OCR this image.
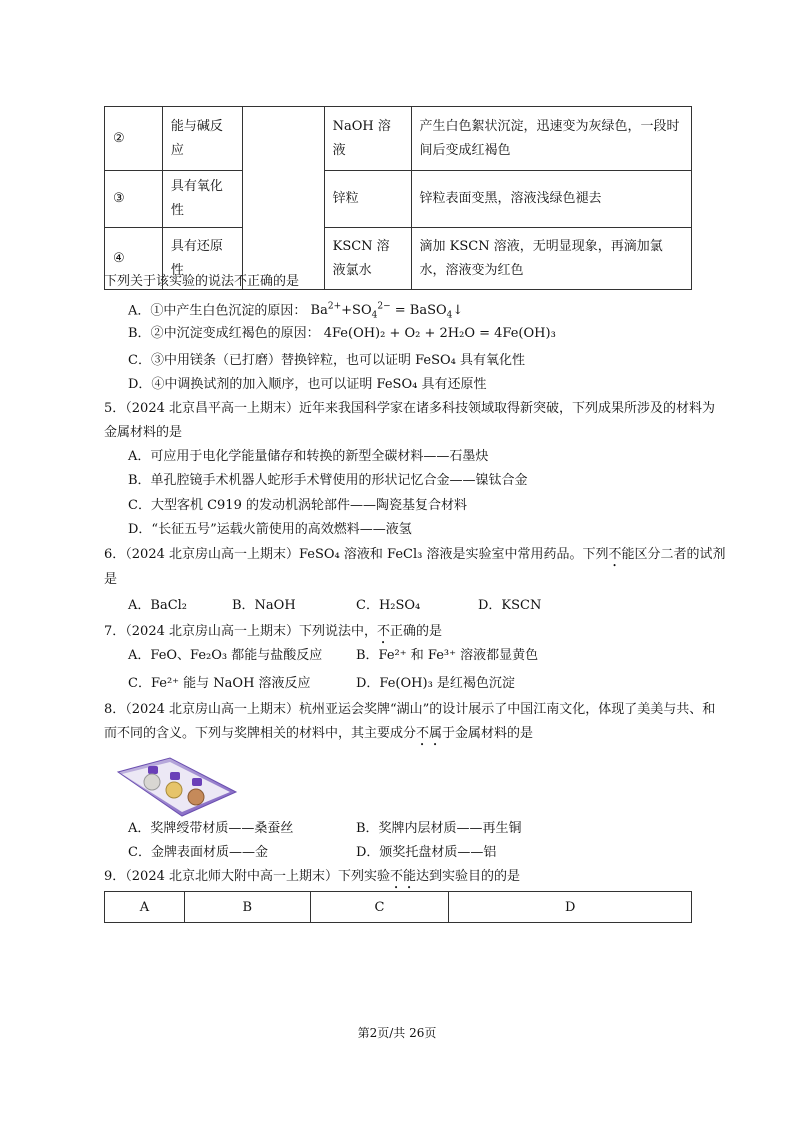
②	能与碱反应		NaOH 溶液	产生白色絮状沉淀，迅速变为灰绿色，一段时间后变成红褐色
③	具有氧化性		锌粒	锌粒表面变黑，溶液浅绿色褪去
④	具有还原性		KSCN 溶液氯水	滴加 KSCN 溶液，无明显现象，再滴加氯水，溶液变为红色
下列关于该实验的说法不正确的是
A．①中产生白色沉淀的原因： $Ba^{2+}+SO_4^{2-}$ = BaSO$_4$↓
B．②中沉淀变成红褐色的原因： 4Fe(OH)₂ + O₂ + 2H₂O = 4Fe(OH)₃
C．③中用镁条（已打磨）替换锌粒，也可以证明 FeSO₄ 具有氧化性
D．④中调换试剂的加入顺序，也可以证明 FeSO₄ 具有还原性
5．（2024 北京昌平高一上期末）近年来我国科学家在诸多科技领域取得新突破，下列成果所涉及的材料为
金属材料的是
A．可应用于电化学能量储存和转换的新型全碳材料——石墨炔
B．单孔腔镜手术机器人蛇形手术臂使用的形状记忆合金——镍钛合金
C．大型客机 C919 的发动机涡轮部件——陶瓷基复合材料
D．“长征五号”运载火箭使用的高效燃料——液氢
6．（2024 北京房山高一上期末）FeSO₄ 溶液和 FeCl₃ 溶液是实验室中常用药品。下列不能区分二者的试剂
是
A．BaCl₂	B．NaOH	C．H₂SO₄	D．KSCN
7．（2024 北京房山高一上期末）下列说法中，不正确的是
A．FeO、Fe₂O₃ 都能与盐酸反应	B．Fe²⁺ 和 Fe³⁺ 溶液都显黄色
C．Fe²⁺ 能与 NaOH 溶液反应	D．Fe(OH)₃ 是红褐色沉淀
8．（2024 北京房山高一上期末）杭州亚运会奖牌“湖山”的设计展示了中国江南文化，体现了美美与共、和
而不同的含义。下列与奖牌相关的材料中，其主要成分不属于金属材料的是
A．奖牌绶带材质——桑蚕丝	B．奖牌内层材质——再生铜
C．金牌表面材质——金	D．颁奖托盘材质——铝
9．（2024 北京北师大附中高一上期末）下列实验不能达到实验目的的是
A	B	C	D
第2页/共 26页
